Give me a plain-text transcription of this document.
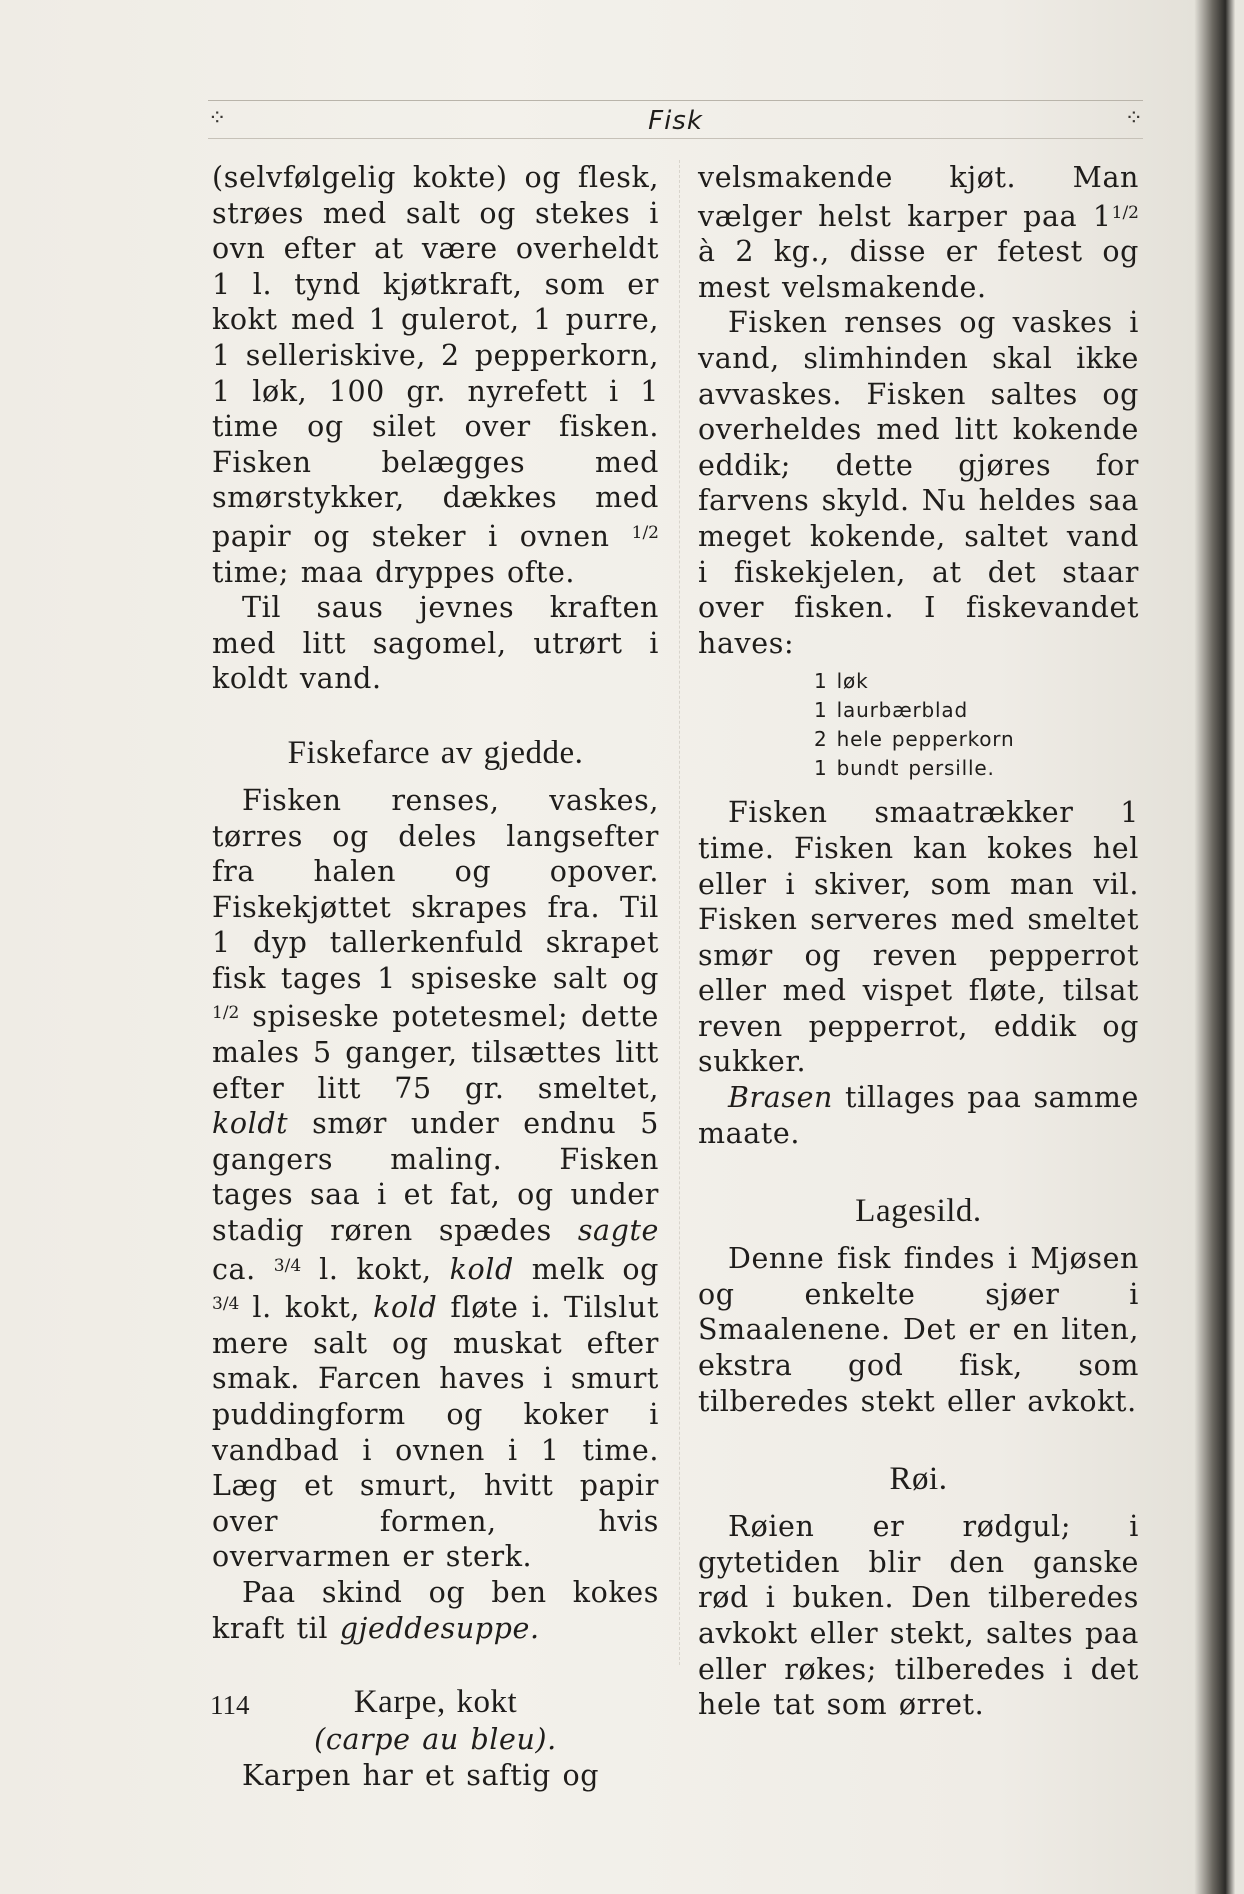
⁘	Fisk	⁘

(selvfølgelig kokte) og flesk, strøes med salt og stekes i ovn efter at være overheldt 1 l. tynd kjøtkraft, som er kokt med 1 gulerot, 1 purre, 1 selleriskive, 2 pepperkorn, 1 løk, 100 gr. nyrefett i 1 time og silet over fisken. Fisken belægges med smørstykker, dækkes med papir og steker i ovnen $^{1/2}$ time; maa dryppes ofte.

Til saus jevnes kraften med litt sagomel, utrørt i koldt vand.

Fiskefarce av gjedde.

Fisken renses, vaskes, tørres og deles langsefter fra halen og opover. Fiskekjøttet skrapes fra. Til 1 dyp tallerkenfuld skrapet fisk tages 1 spiseske salt og $^{1/2}$ spiseske potetesmel; dette males 5 ganger, tilsættes litt efter litt 75 gr. smeltet, koldt smør under endnu 5 gangers maling. Fisken tages saa i et fat, og under stadig røren spædes sagte ca. $^{3/4}$ l. kokt, kold melk og $^{3/4}$ l. kokt, kold fløte i. Tilslut mere salt og muskat efter smak. Farcen haves i smurt puddingform og koker i vandbad i ovnen i 1 time. Læg et smurt, hvitt papir over formen, hvis overvarmen er sterk.

Paa skind og ben kokes kraft til gjeddesuppe.

Karpe, kokt

(carpe au bleu).

Karpen har et saftig og

velsmakende kjøt. Man vælger helst karper paa $1^{1/2}$ à 2 kg., disse er fetest og mest velsmakende.

Fisken renses og vaskes i vand, slimhinden skal ikke avvaskes. Fisken saltes og overheldes med litt kokende eddik; dette gjøres for farvens skyld. Nu heldes saa meget kokende, saltet vand i fiskekjelen, at det staar over fisken. I fiskevandet haves:

1 løk
1 laurbærblad
2 hele pepperkorn
1 bundt persille.

Fisken smaatrækker 1 time. Fisken kan kokes hel eller i skiver, som man vil. Fisken serveres med smeltet smør og reven pepperrot eller med vispet fløte, tilsat reven pepperrot, eddik og sukker.

Brasen tillages paa samme maate.

Lagesild.

Denne fisk findes i Mjøsen og enkelte sjøer i Smaalenene. Det er en liten, ekstra god fisk, som tilberedes stekt eller avkokt.

Røi.

Røien er rødgul; i gytetiden blir den ganske rød i buken. Den tilberedes avkokt eller stekt, saltes paa eller røkes; tilberedes i det hele tat som ørret.

114
